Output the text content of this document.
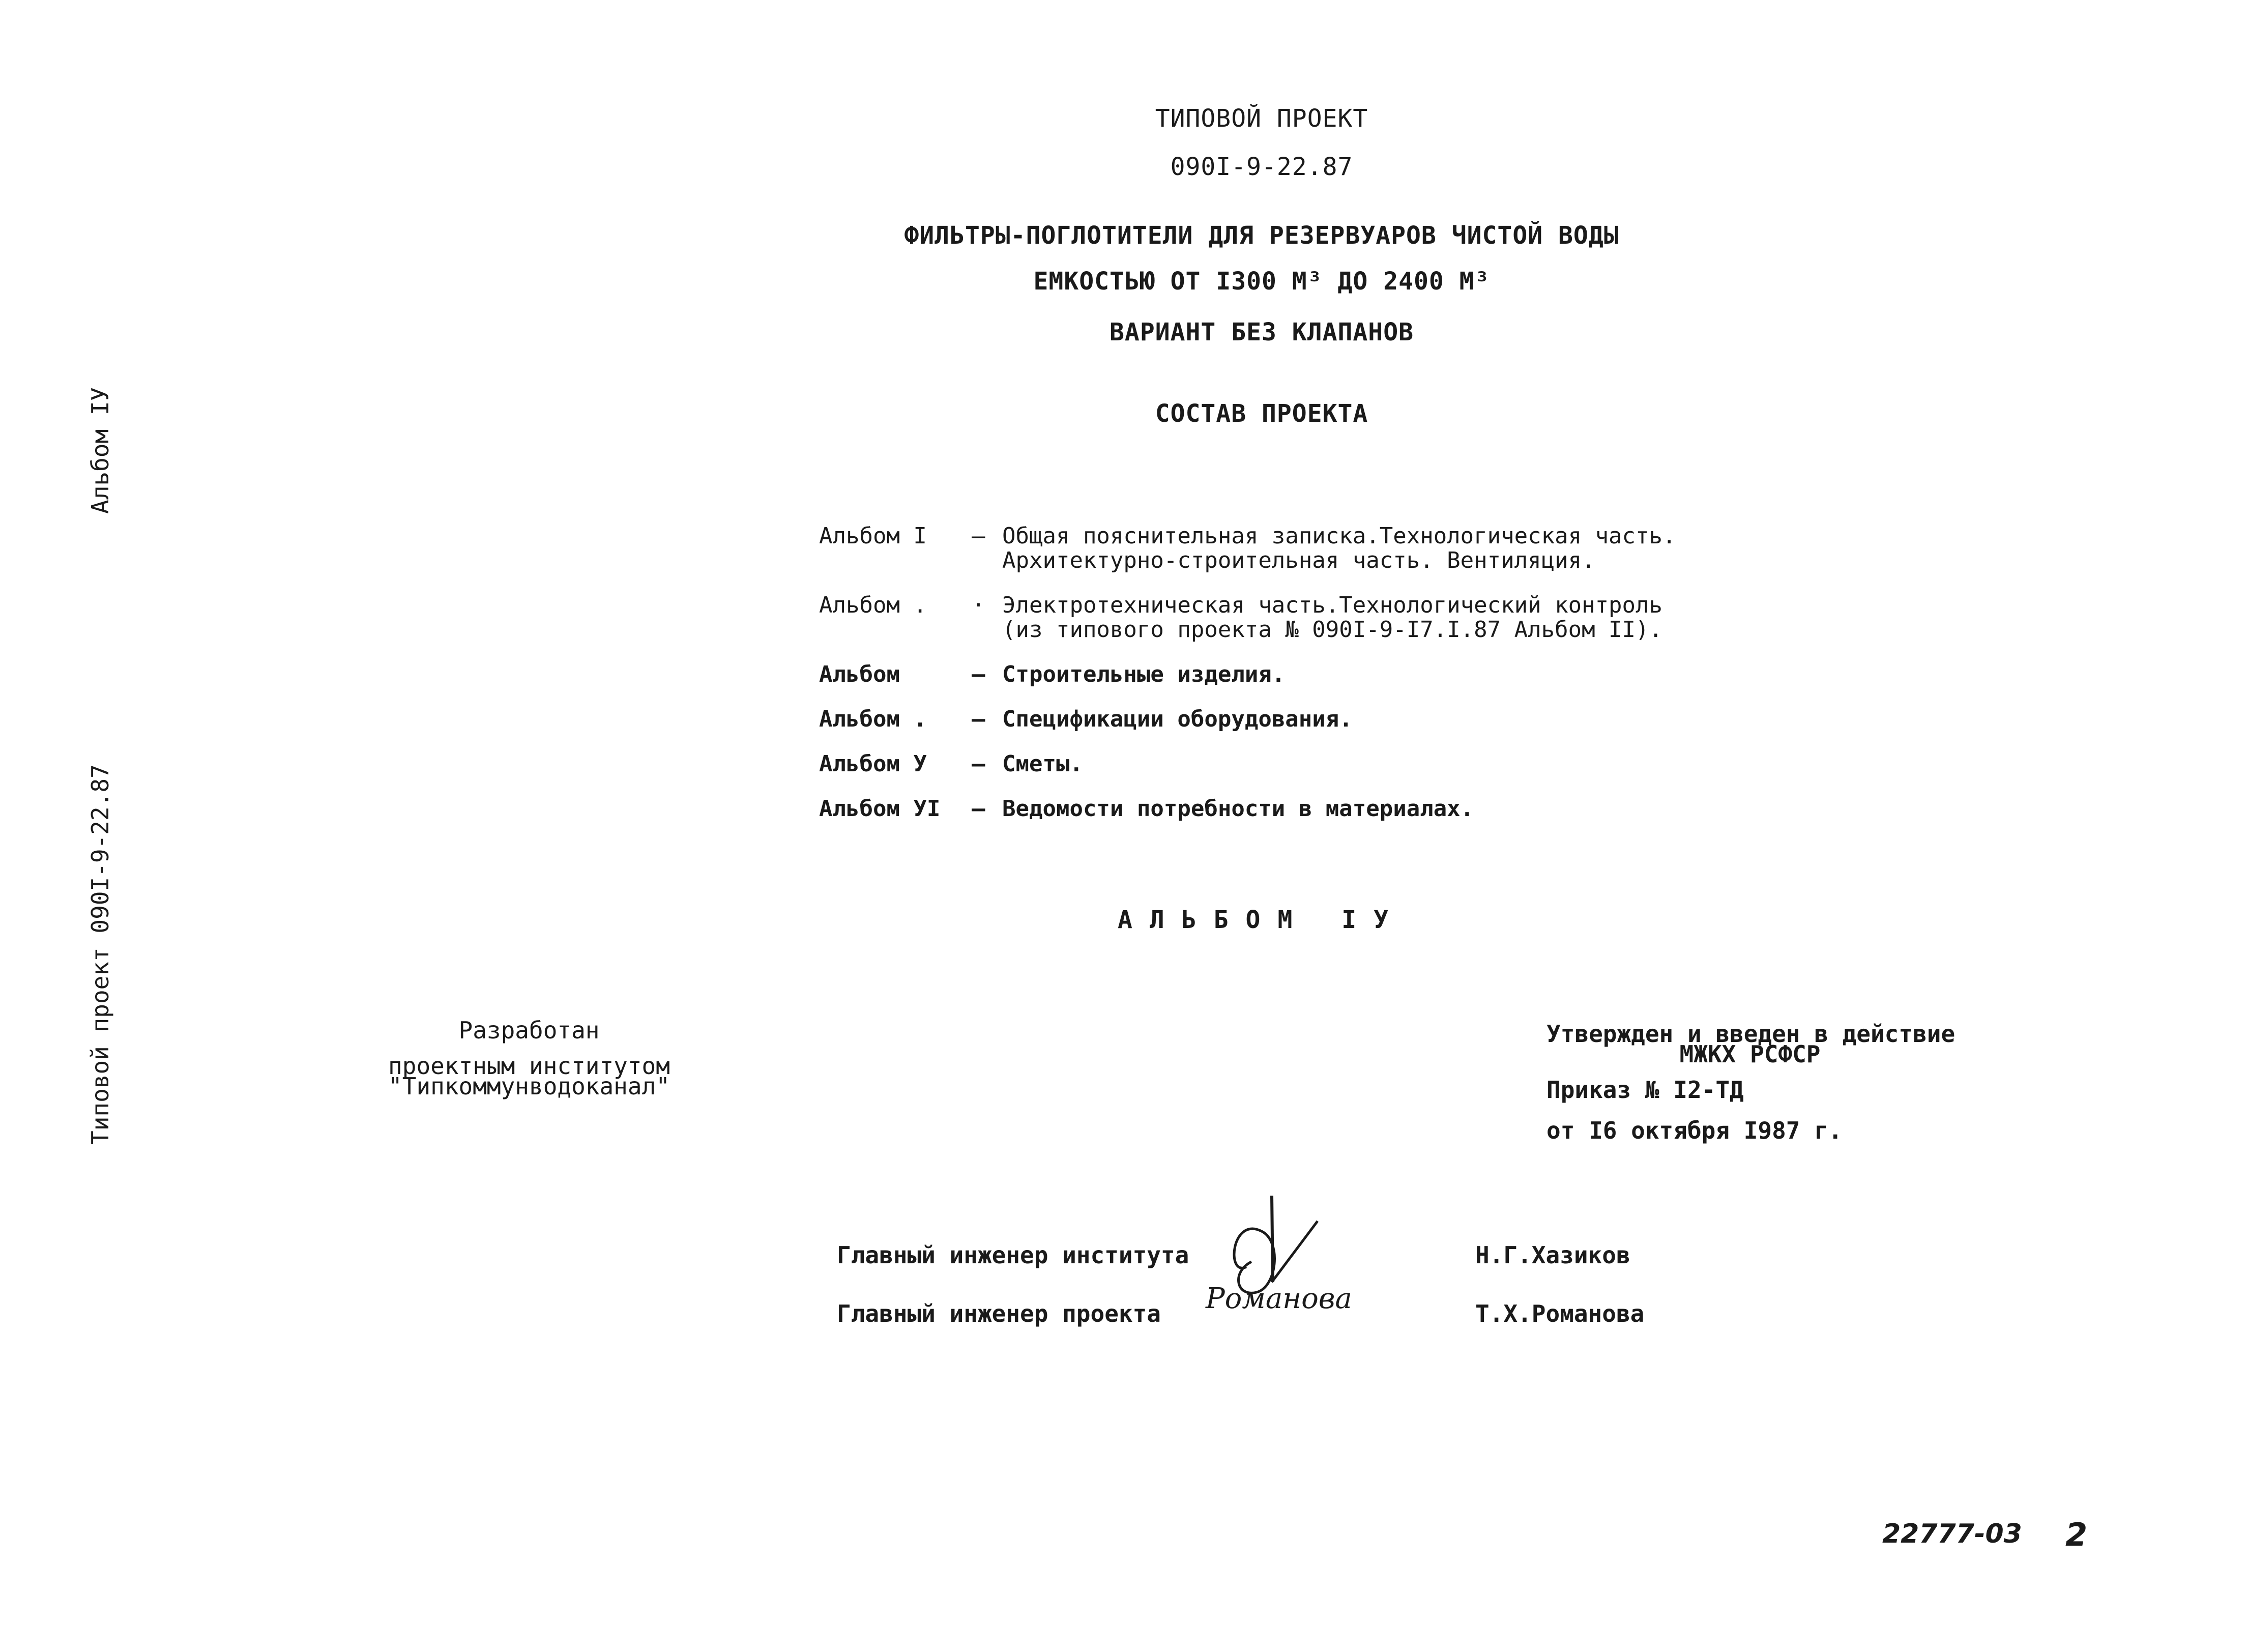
Альбом IУ
Типовой проект 090I-9-22.87
ТИПОВОЙ ПРОЕКТ
090I-9-22.87
ФИЛЬТРЫ-ПОГЛОТИТЕЛИ ДЛЯ РЕЗЕРВУАРОВ ЧИСТОЙ ВОДЫ
ЕМКОСТЬЮ ОТ I300 М³ ДО 2400 М³
ВАРИАНТ БЕЗ КЛАПАНОВ
СОСТАВ ПРОЕКТА
Альбом I	– Общая пояснительная записка.Технологическая часть.
Архитектурно-строительная часть. Вентиляция.
Альбом .	· Электротехническая часть.Технологический контроль
(из типового проекта № 090I-9-I7.I.87 Альбом II).
Альбом	– Строительные изделия.
Альбом .	– Спецификации оборудования.
Альбом У	– Сметы.
Альбом УI	– Ведомости потребности в материалах.
АЛЬБОМ IУ
Разработан
проектным институтом
"Типкоммунводоканал"
Утвержден и введен в действие
МЖКХ РСФСР
Приказ № I2-ТД
от I6 октября I987 г.
Главный инженер института	Н.Г.Хазиков
Главный инженер проекта Романова	Т.Х.Романова
22777-03 2
